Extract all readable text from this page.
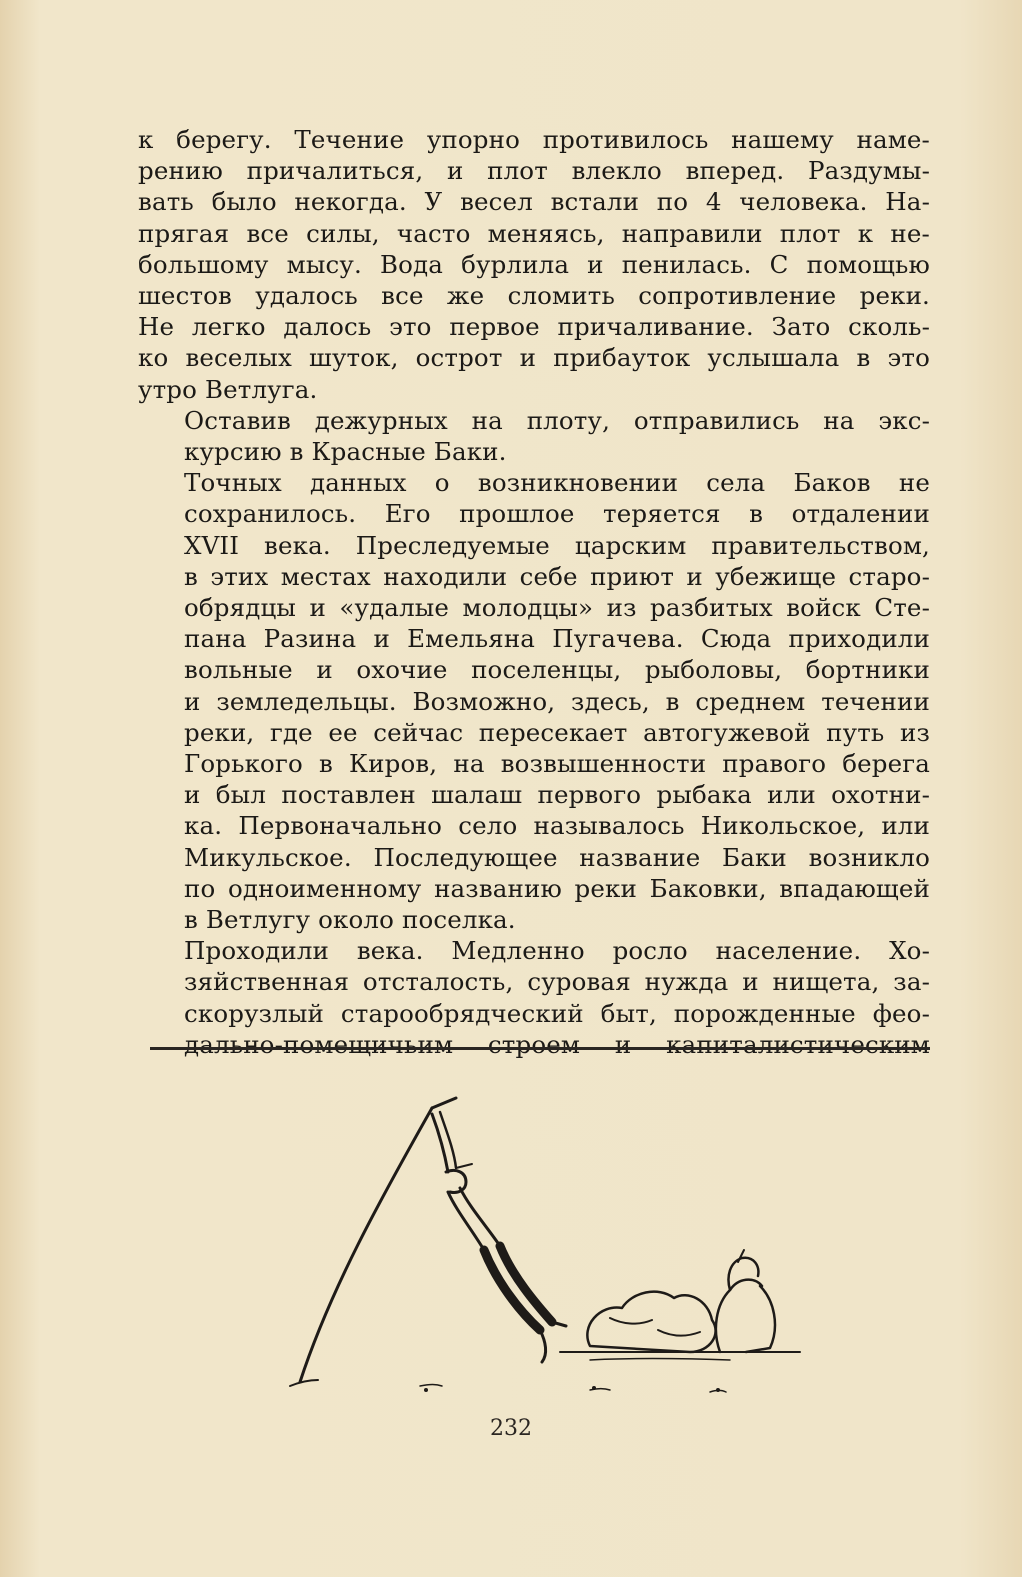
к берегу. Течение упорно противилось нашему наме-
рению причалиться, и плот влекло вперед. Раздумы-
вать было некогда. У весел встали по 4 человека. На-
прягая все силы, часто меняясь, направили плот к не-
большому мысу. Вода бурлила и пенилась. С помощью
шестов удалось все же сломить сопротивление реки.
Не легко далось это первое причаливание. Зато сколь-
ко веселых шуток, острот и прибауток услышала в это
утро Ветлуга.
Оставив дежурных на плоту, отправились на экс-
курсию в Красные Баки.
Точных данных о возникновении села Баков не
сохранилось. Его прошлое теряется в отдалении
XVII века. Преследуемые царским правительством,
в этих местах находили себе приют и убежище старо-
обрядцы и «удалые молодцы» из разбитых войск Сте-
пана Разина и Емельяна Пугачева. Сюда приходили
вольные и охочие поселенцы, рыболовы, бортники
и земледельцы. Возможно, здесь, в среднем течении
реки, где ее сейчас пересекает автогужевой путь из
Горького в Киров, на возвышенности правого берега
и был поставлен шалаш первого рыбака или охотни-
ка. Первоначально село называлось Никольское, или
Микульское. Последующее название Баки возникло
по одноименному названию реки Баковки, впадающей
в Ветлугу около поселка.
Проходили века. Медленно росло население. Хо-
зяйственная отсталость, суровая нужда и нищета, за-
скорузлый старообрядческий быт, порожденные фео-
дально-помещичьим строем и капиталистическим
232
